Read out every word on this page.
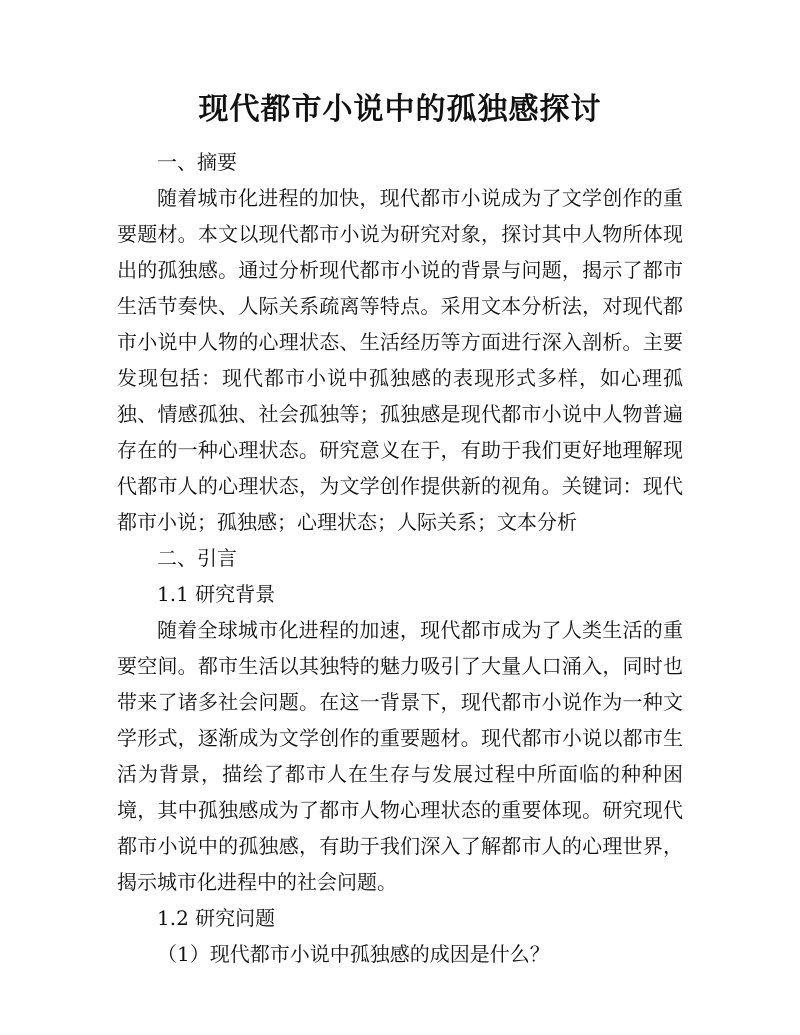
现代都市小说中的孤独感探讨
一、摘要

随着城市化进程的加快，现代都市小说成为了文学创作的重要题材。本文以现代都市小说为研究对象，探讨其中人物所体现出的孤独感。通过分析现代都市小说的背景与问题，揭示了都市生活节奏快、人际关系疏离等特点。采用文本分析法，对现代都市小说中人物的心理状态、生活经历等方面进行深入剖析。主要发现包括：现代都市小说中孤独感的表现形式多样，如心理孤独、情感孤独、社会孤独等；孤独感是现代都市小说中人物普遍存在的一种心理状态。研究意义在于，有助于我们更好地理解现代都市人的心理状态，为文学创作提供新的视角。关键词：现代都市小说；孤独感；心理状态；人际关系；文本分析

二、引言

1.1 研究背景

随着全球城市化进程的加速，现代都市成为了人类生活的重要空间。都市生活以其独特的魅力吸引了大量人口涌入，同时也带来了诸多社会问题。在这一背景下，现代都市小说作为一种文学形式，逐渐成为文学创作的重要题材。现代都市小说以都市生活为背景，描绘了都市人在生存与发展过程中所面临的种种困境，其中孤独感成为了都市人物心理状态的重要体现。研究现代都市小说中的孤独感，有助于我们深入了解都市人的心理世界，揭示城市化进程中的社会问题。

1.2 研究问题

（1）现代都市小说中孤独感的成因是什么？
